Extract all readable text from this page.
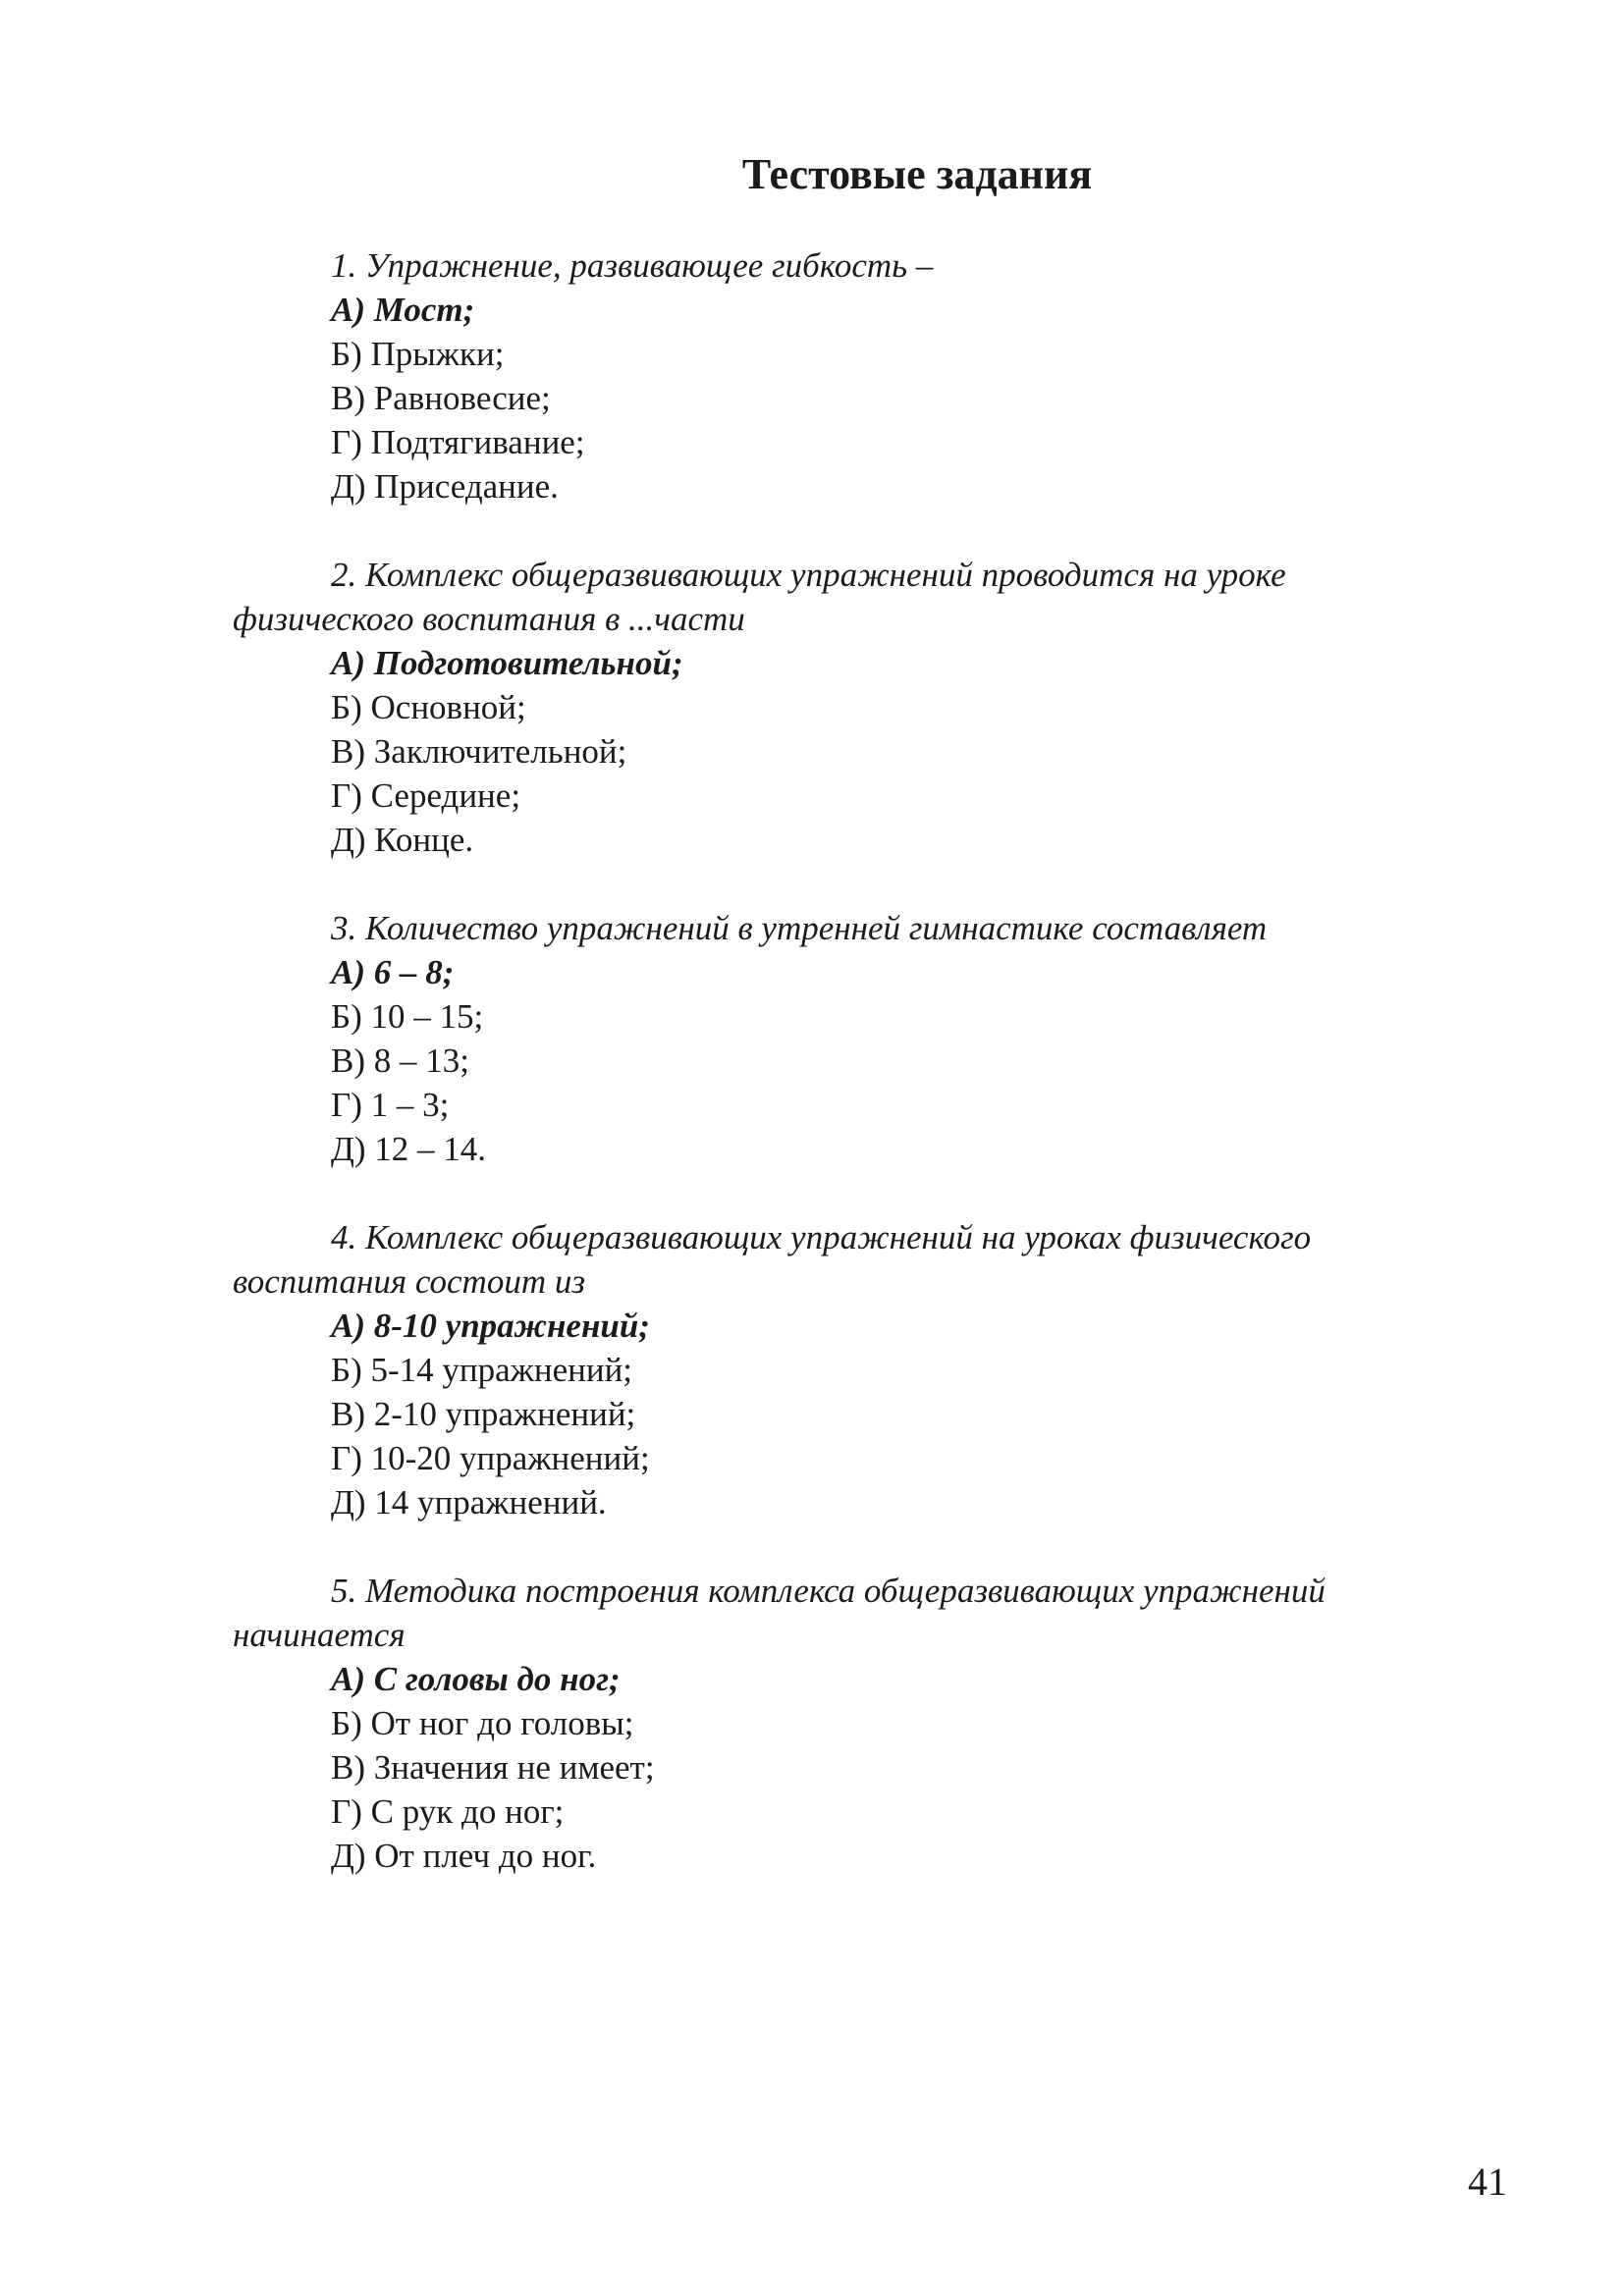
Тестовые задания

1. Упражнение, развивающее гибкость –

А) Мост;

Б) Прыжки;

В) Равновесие;

Г) Подтягивание;

Д) Приседание.

2. Комплекс общеразвивающих упражнений проводится на уроке

физического воспитания в ...части

А) Подготовительной;

Б) Основной;

В) Заключительной;

Г) Середине;

Д) Конце.

3. Количество упражнений в утренней гимнастике составляет

А) 6 – 8;

Б) 10 – 15;

В) 8 – 13;

Г) 1 – 3;

Д) 12 – 14.

4. Комплекс общеразвивающих упражнений на уроках физического

воспитания состоит из

А) 8-10 упражнений;

Б) 5-14 упражнений;

В) 2-10 упражнений;

Г) 10-20 упражнений;

Д) 14 упражнений.

5. Методика построения комплекса общеразвивающих упражнений

начинается

А) С головы до ног;

Б) От ног до головы;

В) Значения не имеет;

Г) С рук до ног;

Д) От плеч до ног.

41
